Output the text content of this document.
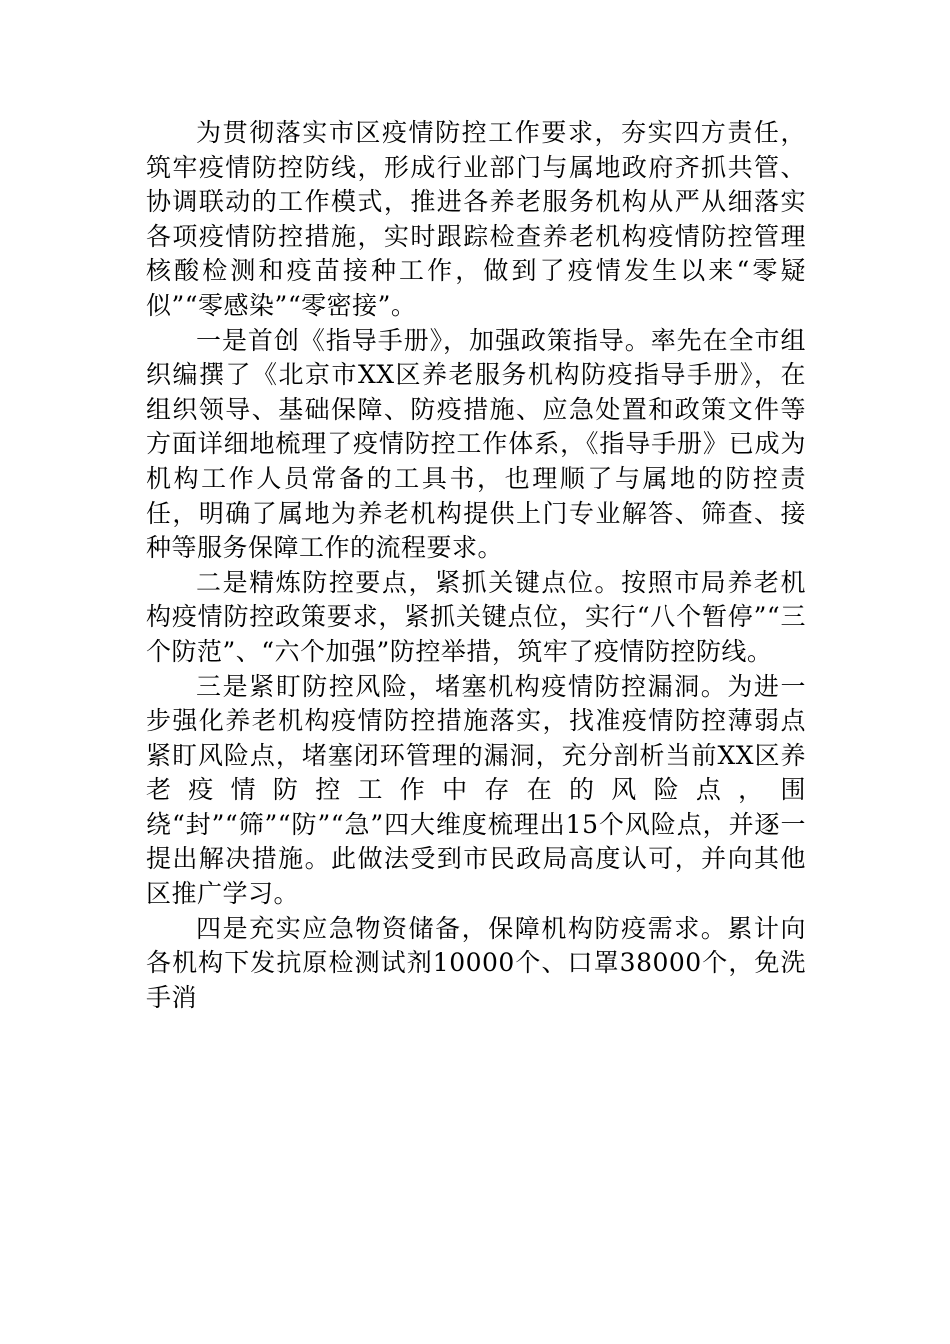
为贯彻落实市区疫情防控工作要求，夯实四方责任，筑牢疫情防控防线，形成行业部门与属地政府齐抓共管、协调联动的工作模式，推进各养老服务机构从严从细落实各项疫情防控措施，实时跟踪检查养老机构疫情防控管理核酸检测和疫苗接种工作，做到了疫情发生以来“零疑似”“零感染”“零密接”。

一是首创《指导手册》，加强政策指导。率先在全市组织编撰了《北京市XX区养老服务机构防疫指导手册》，在组织领导、基础保障、防疫措施、应急处置和政策文件等方面详细地梳理了疫情防控工作体系，《指导手册》已成为机构工作人员常备的工具书，也理顺了与属地的防控责任，明确了属地为养老机构提供上门专业解答、筛查、接种等服务保障工作的流程要求。

二是精炼防控要点，紧抓关键点位。按照市局养老机构疫情防控政策要求，紧抓关键点位，实行“八个暂停”“三个防范”、“六个加强”防控举措，筑牢了疫情防控防线。

三是紧盯防控风险，堵塞机构疫情防控漏洞。为进一步强化养老机构疫情防控措施落实，找准疫情防控薄弱点紧盯风险点，堵塞闭环管理的漏洞，充分剖析当前XX区养老疫情防控工作中存在的风险点，围绕“封”“筛”“防”“急”四大维度梳理出15个风险点，并逐一提出解决措施。此做法受到市民政局高度认可，并向其他区推广学习。

四是充实应急物资储备，保障机构防疫需求。累计向各机构下发抗原检测试剂10000个、口罩38000个，免洗手消
